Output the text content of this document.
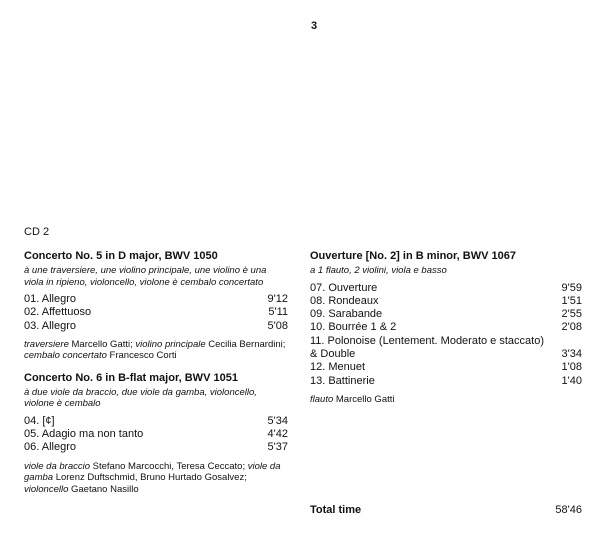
3
CD 2

Concerto No. 5 in D major, BWV 1050

à une traversiere, une violino principale, une violino è una viola in ripieno, violoncello, violone è cembalo concertato

01. Allegro	9'12
02. Affettuoso	5'11
03. Allegro	5'08
traversiere Marcello Gatti; violino principale Cecilia Bernardini; cembalo concertato Francesco Corti

Concerto No. 6 in B-flat major, BWV 1051

à due viole da braccio, due viole da gamba, violoncello, violone è cembalo

04. [¢]	5'34
05. Adagio ma non tanto	4'42
06. Allegro	5'37
viole da braccio Stefano Marcocchi, Teresa Ceccato; viole da gamba Lorenz Duftschmid, Bruno Hurtado Gosalvez; violoncello Gaetano Nasillo

Ouverture [No. 2] in B minor, BWV 1067

a 1 flauto, 2 violini, viola e basso

07. Ouverture	9'59
08. Rondeaux	1'51
09. Sarabande	2'55
10. Bourrée 1 & 2	2'08
11. Polonoise (Lentement. Moderato e staccato)
& Double	3'34
12. Menuet	1'08
13. Battinerie	1'40
flauto Marcello Gatti
Total time	58'46
